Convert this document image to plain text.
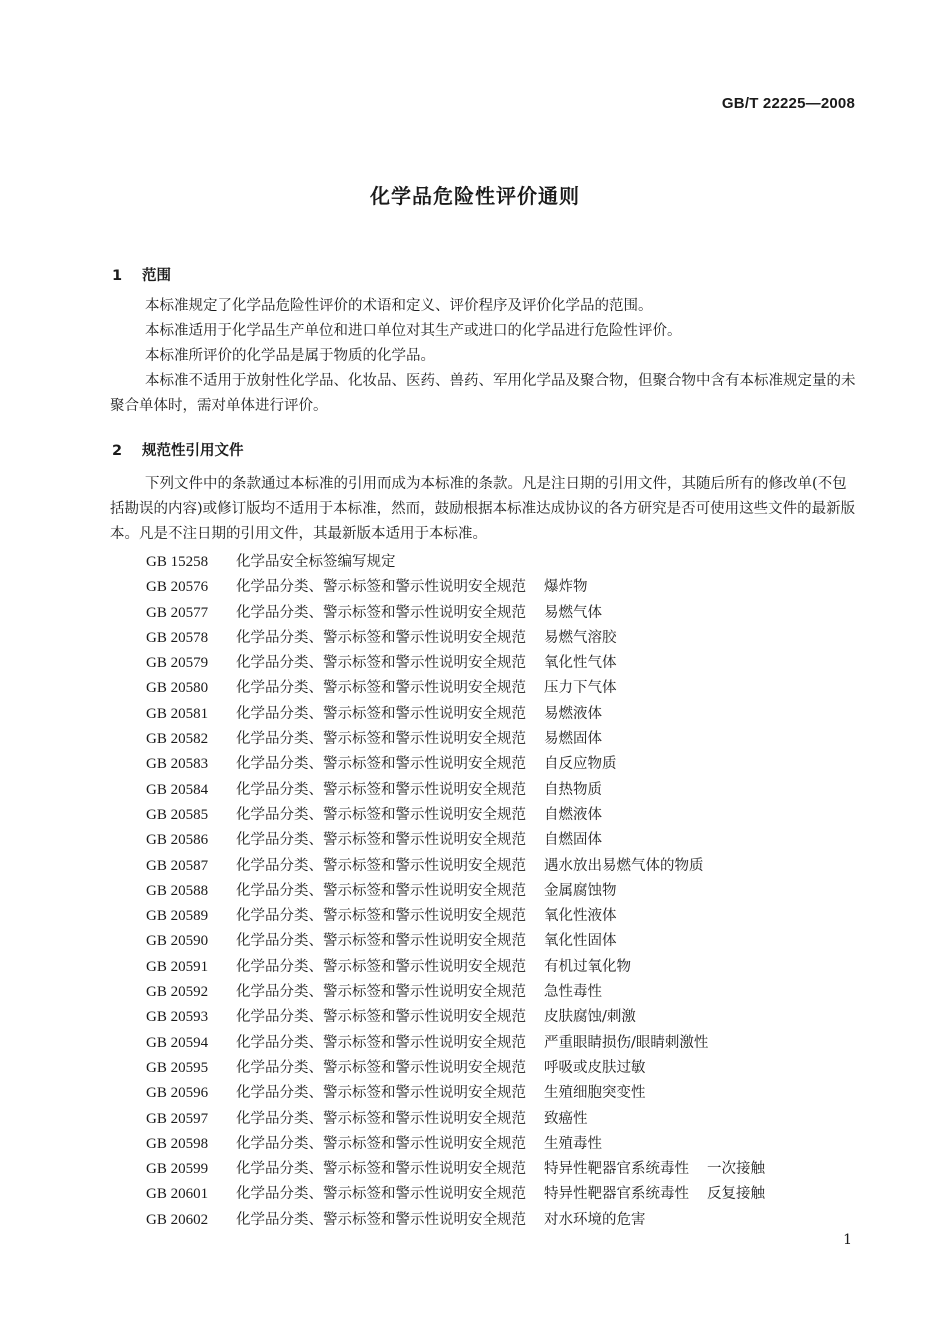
GB/T 22225—2008
化学品危险性评价通则
1 范围
本标准规定了化学品危险性评价的术语和定义、评价程序及评价化学品的范围。
本标准适用于化学品生产单位和进口单位对其生产或进口的化学品进行危险性评价。
本标准所评价的化学品是属于物质的化学品。
本标准不适用于放射性化学品、化妆品、医药、兽药、军用化学品及聚合物，但聚合物中含有本标准规定量的未聚合单体时，需对单体进行评价。
2 规范性引用文件
下列文件中的条款通过本标准的引用而成为本标准的条款。凡是注日期的引用文件，其随后所有的修改单(不包括勘误的内容)或修订版均不适用于本标准，然而，鼓励根据本标准达成协议的各方研究是否可使用这些文件的最新版本。凡是不注日期的引用文件，其最新版本适用于本标准。
GB 15258 化学品安全标签编写规定
GB 20576 化学品分类、警示标签和警示性说明安全规范 爆炸物
GB 20577 化学品分类、警示标签和警示性说明安全规范 易燃气体
GB 20578 化学品分类、警示标签和警示性说明安全规范 易燃气溶胶
GB 20579 化学品分类、警示标签和警示性说明安全规范 氧化性气体
GB 20580 化学品分类、警示标签和警示性说明安全规范 压力下气体
GB 20581 化学品分类、警示标签和警示性说明安全规范 易燃液体
GB 20582 化学品分类、警示标签和警示性说明安全规范 易燃固体
GB 20583 化学品分类、警示标签和警示性说明安全规范 自反应物质
GB 20584 化学品分类、警示标签和警示性说明安全规范 自热物质
GB 20585 化学品分类、警示标签和警示性说明安全规范 自燃液体
GB 20586 化学品分类、警示标签和警示性说明安全规范 自燃固体
GB 20587 化学品分类、警示标签和警示性说明安全规范 遇水放出易燃气体的物质
GB 20588 化学品分类、警示标签和警示性说明安全规范 金属腐蚀物
GB 20589 化学品分类、警示标签和警示性说明安全规范 氧化性液体
GB 20590 化学品分类、警示标签和警示性说明安全规范 氧化性固体
GB 20591 化学品分类、警示标签和警示性说明安全规范 有机过氧化物
GB 20592 化学品分类、警示标签和警示性说明安全规范 急性毒性
GB 20593 化学品分类、警示标签和警示性说明安全规范 皮肤腐蚀/刺激
GB 20594 化学品分类、警示标签和警示性说明安全规范 严重眼睛损伤/眼睛刺激性
GB 20595 化学品分类、警示标签和警示性说明安全规范 呼吸或皮肤过敏
GB 20596 化学品分类、警示标签和警示性说明安全规范 生殖细胞突变性
GB 20597 化学品分类、警示标签和警示性说明安全规范 致癌性
GB 20598 化学品分类、警示标签和警示性说明安全规范 生殖毒性
GB 20599 化学品分类、警示标签和警示性说明安全规范 特异性靶器官系统毒性 一次接触
GB 20601 化学品分类、警示标签和警示性说明安全规范 特异性靶器官系统毒性 反复接触
GB 20602 化学品分类、警示标签和警示性说明安全规范 对水环境的危害
1
